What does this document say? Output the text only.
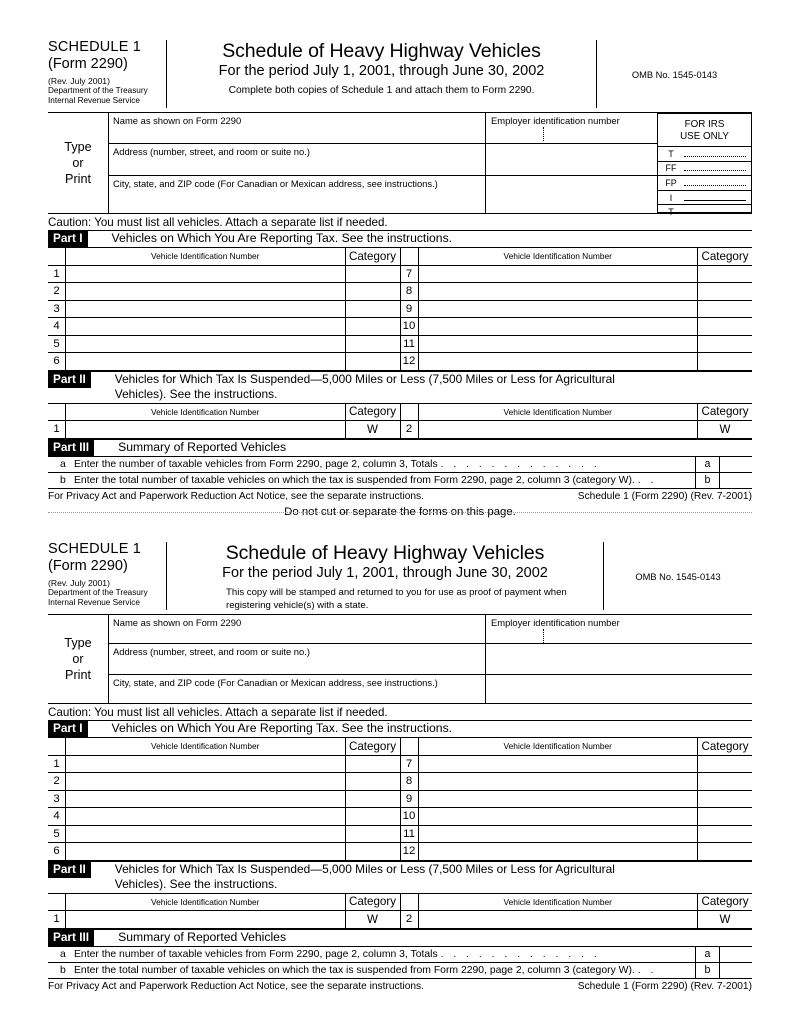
SCHEDULE 1
(Form 2290)
(Rev. July 2001)
Department of the Treasury
Internal Revenue Service
Schedule of Heavy Highway Vehicles
For the period July 1, 2001, through June 30, 2002
Complete both copies of Schedule 1 and attach them to Form 2290.
OMB No. 1545-0143
Type
or
Print
Name as shown on Form 2290
Address (number, street, and room or suite no.)
City, state, and ZIP code (For Canadian or Mexican address, see instructions.)
Employer identification number	FOR IRS
USE ONLY
T
FF
FP
I
T
Caution: You must list all vehicles. Attach a separate list if needed.
Part I	Vehicles on Which You Are Reporting Tax. See the instructions.
	Vehicle Identification Number	Category		Vehicle Identification Number	Category
1			7		
2			8		
3			9		
4			10		
5			11		
6			12		
Part II	Vehicles for Which Tax Is Suspended—5,000 Miles or Less (7,500 Miles or Less for Agricultural
Vehicles). See the instructions.
	Vehicle Identification Number	Category		Vehicle Identification Number	Category
1		W	2		W
Part III	Summary of Reported Vehicles
a Enter the number of taxable vehicles from Form 2290, page 2, column 3, Totals . . . . . . . . . . . . .	a
b Enter the total number of taxable vehicles on which the tax is suspended from Form 2290, page 2, column 3 (category W). . .	b
For Privacy Act and Paperwork Reduction Act Notice, see the separate instructions.	Schedule 1 (Form 2290) (Rev. 7-2001)
Do not cut or separate the forms on this page.
SCHEDULE 1
(Form 2290)
(Rev. July 2001)
Department of the Treasury
Internal Revenue Service
Schedule of Heavy Highway Vehicles
For the period July 1, 2001, through June 30, 2002
This copy will be stamped and returned to you for use as proof of payment when registering vehicle(s) with a state.
OMB No. 1545-0143
Type
or
Print
Name as shown on Form 2290
Address (number, street, and room or suite no.)
City, state, and ZIP code (For Canadian or Mexican address, see instructions.)
Employer identification number
Caution: You must list all vehicles. Attach a separate list if needed.
Part I	Vehicles on Which You Are Reporting Tax. See the instructions.
	Vehicle Identification Number	Category		Vehicle Identification Number	Category
1			7		
2			8		
3			9		
4			10		
5			11		
6			12		
Part II	Vehicles for Which Tax Is Suspended—5,000 Miles or Less (7,500 Miles or Less for Agricultural
Vehicles). See the instructions.
	Vehicle Identification Number	Category		Vehicle Identification Number	Category
1		W	2		W
Part III	Summary of Reported Vehicles
a Enter the number of taxable vehicles from Form 2290, page 2, column 3, Totals . . . . . . . . . . . . .	a
b Enter the total number of taxable vehicles on which the tax is suspended from Form 2290, page 2, column 3 (category W). . .	b
For Privacy Act and Paperwork Reduction Act Notice, see the separate instructions.	Schedule 1 (Form 2290) (Rev. 7-2001)
